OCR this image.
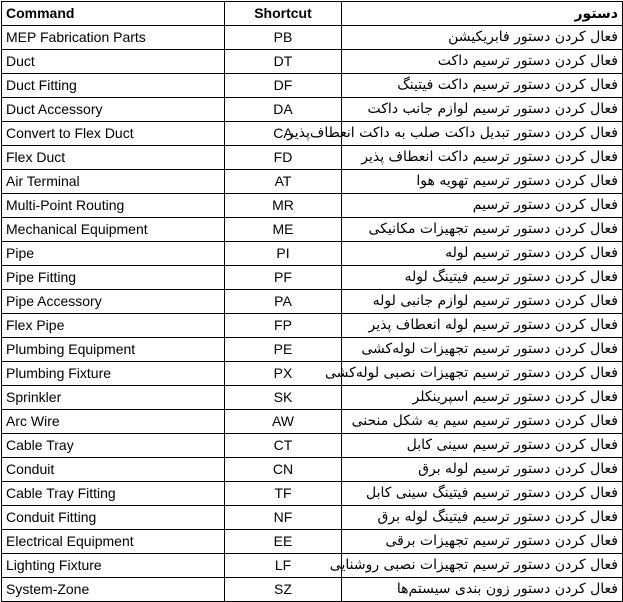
Command	Shortcut	دستور
MEP Fabrication Parts	PB	فعال کردن دستور فابریکیشن
Duct	DT	فعال کردن دستور ترسیم داکت
Duct Fitting	DF	فعال کردن دستور ترسیم داکت فیتینگ
Duct Accessory	DA	فعال کردن دستور ترسیم لوازم جانب داکت
Convert to Flex Duct	CA	فعال کردن دستور تبدیل داکت صلب به داکت انعطاف‌پذیر
Flex Duct	FD	فعال کردن دستور ترسیم داکت انعطاف پذیر
Air Terminal	AT	فعال کردن دستور ترسیم تهویه هوا
Multi-Point Routing	MR	فعال کردن دستور ترسیم
Mechanical Equipment	ME	فعال کردن دستور ترسیم تجهیزات مکانیکی
Pipe	PI	فعال کردن دستور ترسیم لوله
Pipe Fitting	PF	فعال کردن دستور ترسیم فیتینگ لوله
Pipe Accessory	PA	فعال کردن دستور ترسیم لوازم جانبی لوله
Flex Pipe	FP	فعال کردن دستور ترسیم لوله انعطاف پذیر
Plumbing Equipment	PE	فعال کردن دستور ترسیم تجهیزات لوله‌کشی
Plumbing Fixture	PX	فعال کردن دستور ترسیم تجهیزات نصبی لوله‌کشی
Sprinkler	SK	فعال کردن دستور ترسیم اسپرینکلر
Arc Wire	AW	فعال کردن دستور ترسیم سیم به شکل منحنی
Cable Tray	CT	فعال کردن دستور ترسیم سینی کابل
Conduit	CN	فعال کردن دستور ترسیم لوله برق
Cable Tray Fitting	TF	فعال کردن دستور ترسیم فیتینگ سینی کابل
Conduit Fitting	NF	فعال کردن دستور ترسیم فیتینگ لوله برق
Electrical Equipment	EE	فعال کردن دستور ترسیم تجهیزات برقی
Lighting Fixture	LF	فعال کردن دستور ترسیم تجهیزات نصبی روشنایی
System-Zone	SZ	فعال کردن دستور زون بندی سیستم‌ها
